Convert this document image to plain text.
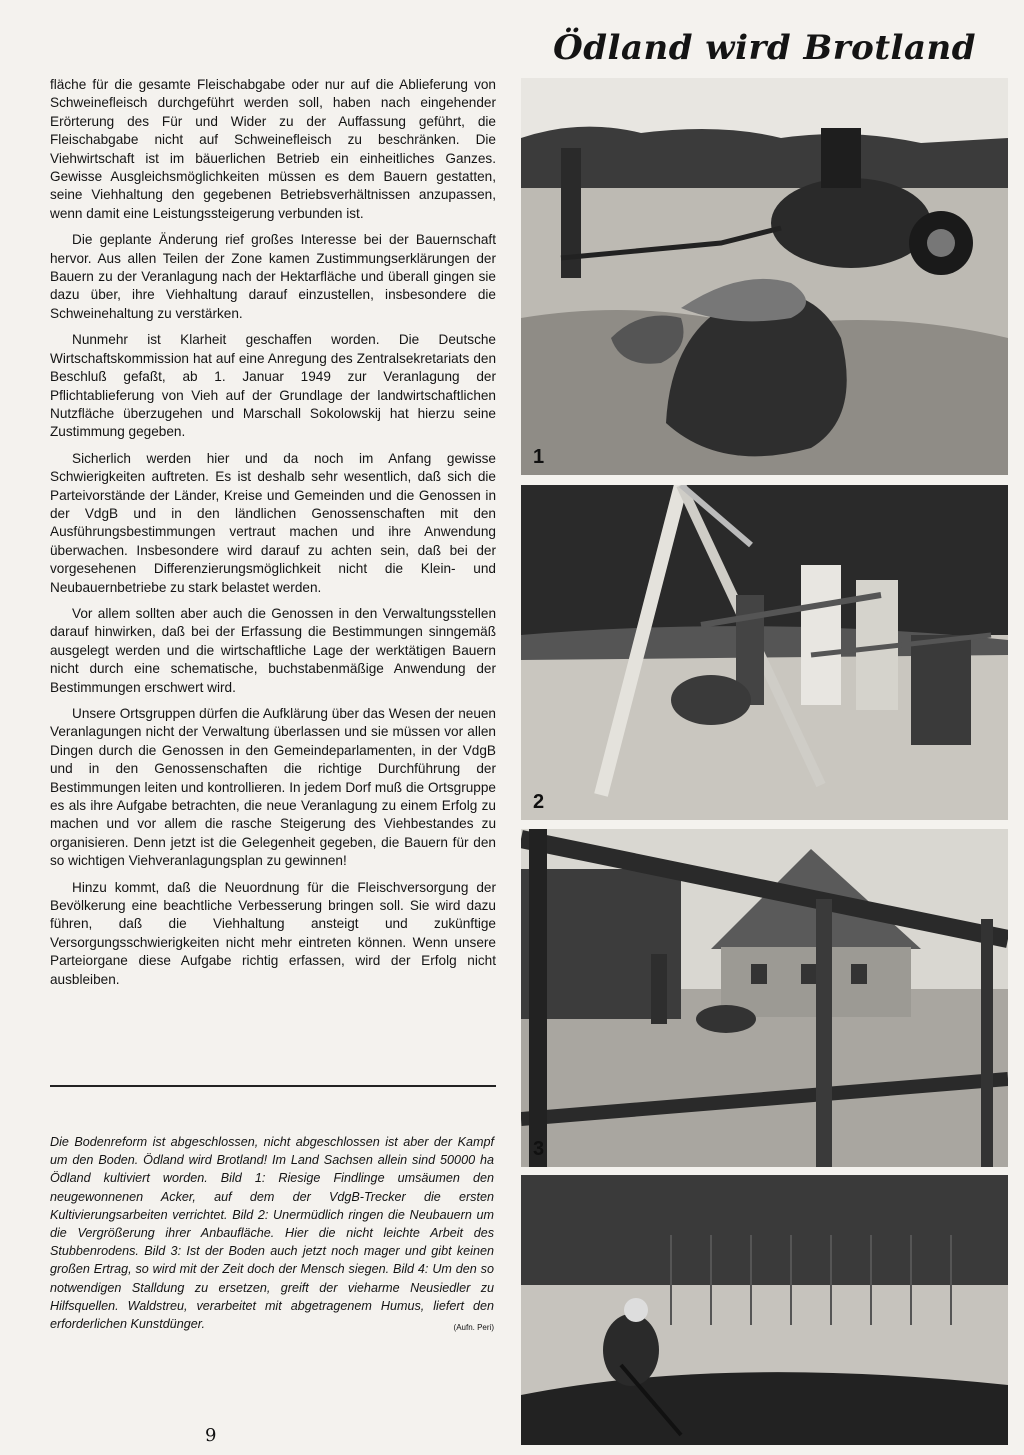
Ödland wird Brotland

fläche für die gesamte Fleischabgabe oder nur auf die Ablieferung von Schweinefleisch durchgeführt werden soll, haben nach eingehender Erörterung des Für und Wider zu der Auffassung geführt, die Fleischabgabe nicht auf Schweinefleisch zu beschränken. Die Viehwirtschaft ist im bäuerlichen Betrieb ein einheitliches Ganzes. Gewisse Ausgleichsmöglichkeiten müssen es dem Bauern gestatten, seine Viehhaltung den gegebenen Betriebsverhältnissen anzupassen, wenn damit eine Leistungssteigerung verbunden ist.

Die geplante Änderung rief großes Interesse bei der Bauernschaft hervor. Aus allen Teilen der Zone kamen Zustimmungserklärungen der Bauern zu der Veranlagung nach der Hektarfläche und überall gingen sie dazu über, ihre Viehhaltung darauf einzustellen, insbesondere die Schweinehaltung zu verstärken.

Nunmehr ist Klarheit geschaffen worden. Die Deutsche Wirtschaftskommission hat auf eine Anregung des Zentralsekretariats den Beschluß gefaßt, ab 1. Januar 1949 zur Veranlagung der Pflichtablieferung von Vieh auf der Grundlage der landwirtschaftlichen Nutzfläche überzugehen und Marschall Sokolowskij hat hierzu seine Zustimmung gegeben.

Sicherlich werden hier und da noch im Anfang gewisse Schwierigkeiten auftreten. Es ist deshalb sehr wesentlich, daß sich die Parteivorstände der Länder, Kreise und Gemeinden und die Genossen in der VdgB und in den ländlichen Genossenschaften mit den Ausführungsbestimmungen vertraut machen und ihre Anwendung überwachen. Insbesondere wird darauf zu achten sein, daß bei der vorgesehenen Differenzierungsmöglichkeit nicht die Klein- und Neubauernbetriebe zu stark belastet werden.

Vor allem sollten aber auch die Genossen in den Verwaltungsstellen darauf hinwirken, daß bei der Erfassung die Bestimmungen sinngemäß ausgelegt werden und die wirtschaftliche Lage der werktätigen Bauern nicht durch eine schematische, buchstabenmäßige Anwendung der Bestimmungen erschwert wird.

Unsere Ortsgruppen dürfen die Aufklärung über das Wesen der neuen Veranlagungen nicht der Verwaltung überlassen und sie müssen vor allen Dingen durch die Genossen in den Gemeindeparlamenten, in der VdgB und in den Genossenschaften die richtige Durchführung der Bestimmungen leiten und kontrollieren. In jedem Dorf muß die Ortsgruppe es als ihre Aufgabe betrachten, die neue Veranlagung zu einem Erfolg zu machen und vor allem die rasche Steigerung des Viehbestandes zu organisieren. Denn jetzt ist die Gelegenheit gegeben, die Bauern für den so wichtigen Viehveranlagungsplan zu gewinnen!

Hinzu kommt, daß die Neuordnung für die Fleischversorgung der Bevölkerung eine beachtliche Verbesserung bringen soll. Sie wird dazu führen, daß die Viehhaltung ansteigt und zukünftige Versorgungsschwierigkeiten nicht mehr eintreten können. Wenn unsere Parteiorgane diese Aufgabe richtig erfassen, wird der Erfolg nicht ausbleiben.

Die Bodenreform ist abgeschlossen, nicht abgeschlossen ist aber der Kampf um den Boden. Ödland wird Brotland! Im Land Sachsen allein sind 50000 ha Ödland kultiviert worden. Bild 1: Riesige Findlinge umsäumen den neugewonnenen Acker, auf dem der VdgB-Trecker die ersten Kultivierungsarbeiten verrichtet. Bild 2: Unermüdlich ringen die Neubauern um die Vergrößerung ihrer Anbaufläche. Hier die nicht leichte Arbeit des Stubbenrodens. Bild 3: Ist der Boden auch jetzt noch mager und gibt keinen großen Ertrag, so wird mit der Zeit doch der Mensch siegen. Bild 4: Um den so notwendigen Stalldung zu ersetzen, greift der vieharme Neusiedler zu Hilfsquellen. Waldstreu, verarbeitet mit abgetragenem Humus, liefert den erforderlichen Kunstdünger.	(Aufn. Peri)
1
2
3
9
